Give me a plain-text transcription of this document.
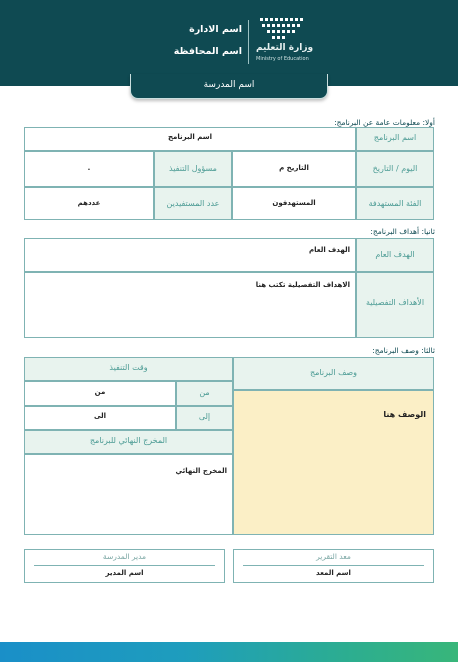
وزارة التعليم
Ministry of Education
اسم الادارة
اسم المحافظة
اسم المدرسة
أولا: معلومات عامة عن البرنامج:
اسم البرنامج	اسم البرنامج
.	مسؤول التنفيذ	التاريخ م	اليوم / التاريخ
عددهم	عدد المستفيدين	المستهدفون	الفئة المستهدفة
ثانيا: أهداف البرنامج:
الهدف العام	الهدف العام
الاهداف التفصيلية تكتب هنا
الأهداف التفصيلية
ثالثا: وصف البرنامج:
وقت التنفيذ
من	من
الى	إلى
المخرج النهائي للبرنامج
المخرج النهائي
وصف البرنامج
الوصف هنا
مدير المدرسة
اسم المدير
معد التقرير
اسم المعد
